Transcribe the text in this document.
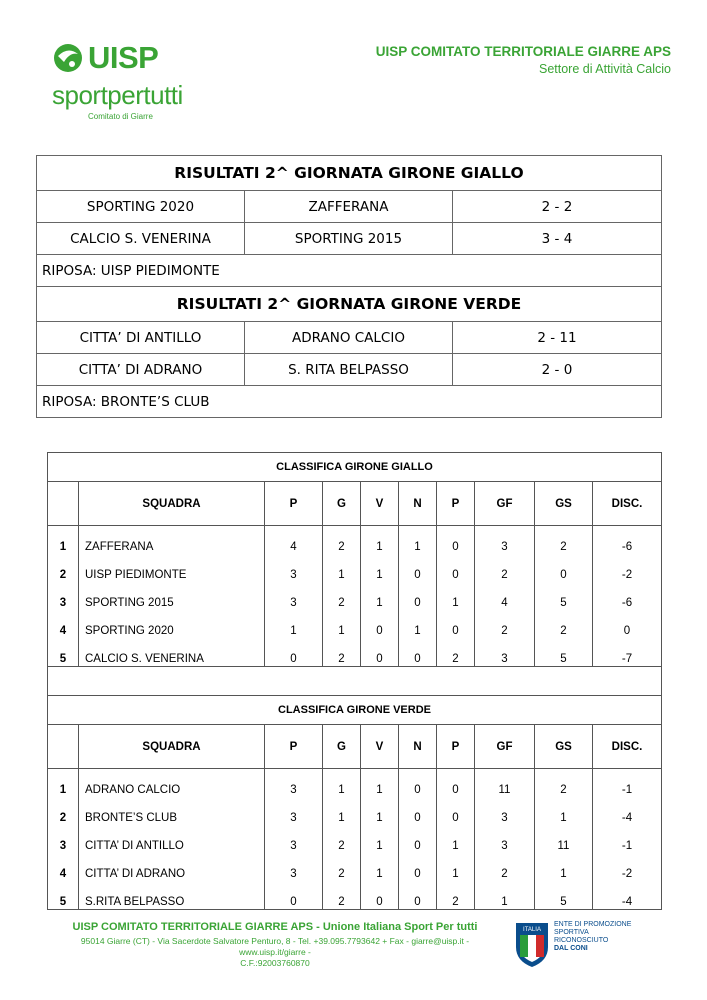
UISP
sportpertutti
Comitato di Giarre
UISP COMITATO TERRITORIALE GIARRE APS
Settore di Attività Calcio
RISULTATI 2^ GIORNATA GIRONE GIALLO		
SPORTING 2020	ZAFFERANA	2 - 2
CALCIO S. VENERINA	SPORTING 2015	3 - 4
RIPOSA: UISP PIEDIMONTE		
RISULTATI 2^ GIORNATA GIRONE VERDE		
CITTA’ DI ANTILLO	ADRANO CALCIO	2 - 11
CITTA’ DI ADRANO	S. RITA BELPASSO	2 - 0
RIPOSA: BRONTE’S CLUB		
CLASSIFICA GIRONE GIALLO									
	SQUADRA	P	G	V	N	P	GF	GS	DISC.
1	ZAFFERANA	4	2	1	1	0	3	2	-6
2	UISP PIEDIMONTE	3	1	1	0	0	2	0	-2
3	SPORTING 2015	3	2	1	0	1	4	5	-6
4	SPORTING 2020	1	1	0	1	0	2	2	0
5	CALCIO S. VENERINA	0	2	0	0	2	3	5	-7

CLASSIFICA GIRONE VERDE									
	SQUADRA	P	G	V	N	P	GF	GS	DISC.
1	ADRANO CALCIO	3	1	1	0	0	11	2	-1
2	BRONTE’S CLUB	3	1	1	0	0	3	1	-4
3	CITTA’ DI ANTILLO	3	2	1	0	1	3	11	-1
4	CITTA’ DI ADRANO	3	2	1	0	1	2	1	-2
5	S.RITA BELPASSO	0	2	0	0	2	1	5	-4
UISP COMITATO TERRITORIALE GIARRE APS - Unione Italiana Sport Per tutti
95014 Giarre (CT) - Via Sacerdote Salvatore Penturo, 8 - Tel. +39.095.7793642 + Fax - giarre@uisp.it - www.uisp.it/giarre -
C.F.:92003760870
ITALIA
ENTE DI PROMOZIONE
SPORTIVA
RICONOSCIUTO
DAL CONI
